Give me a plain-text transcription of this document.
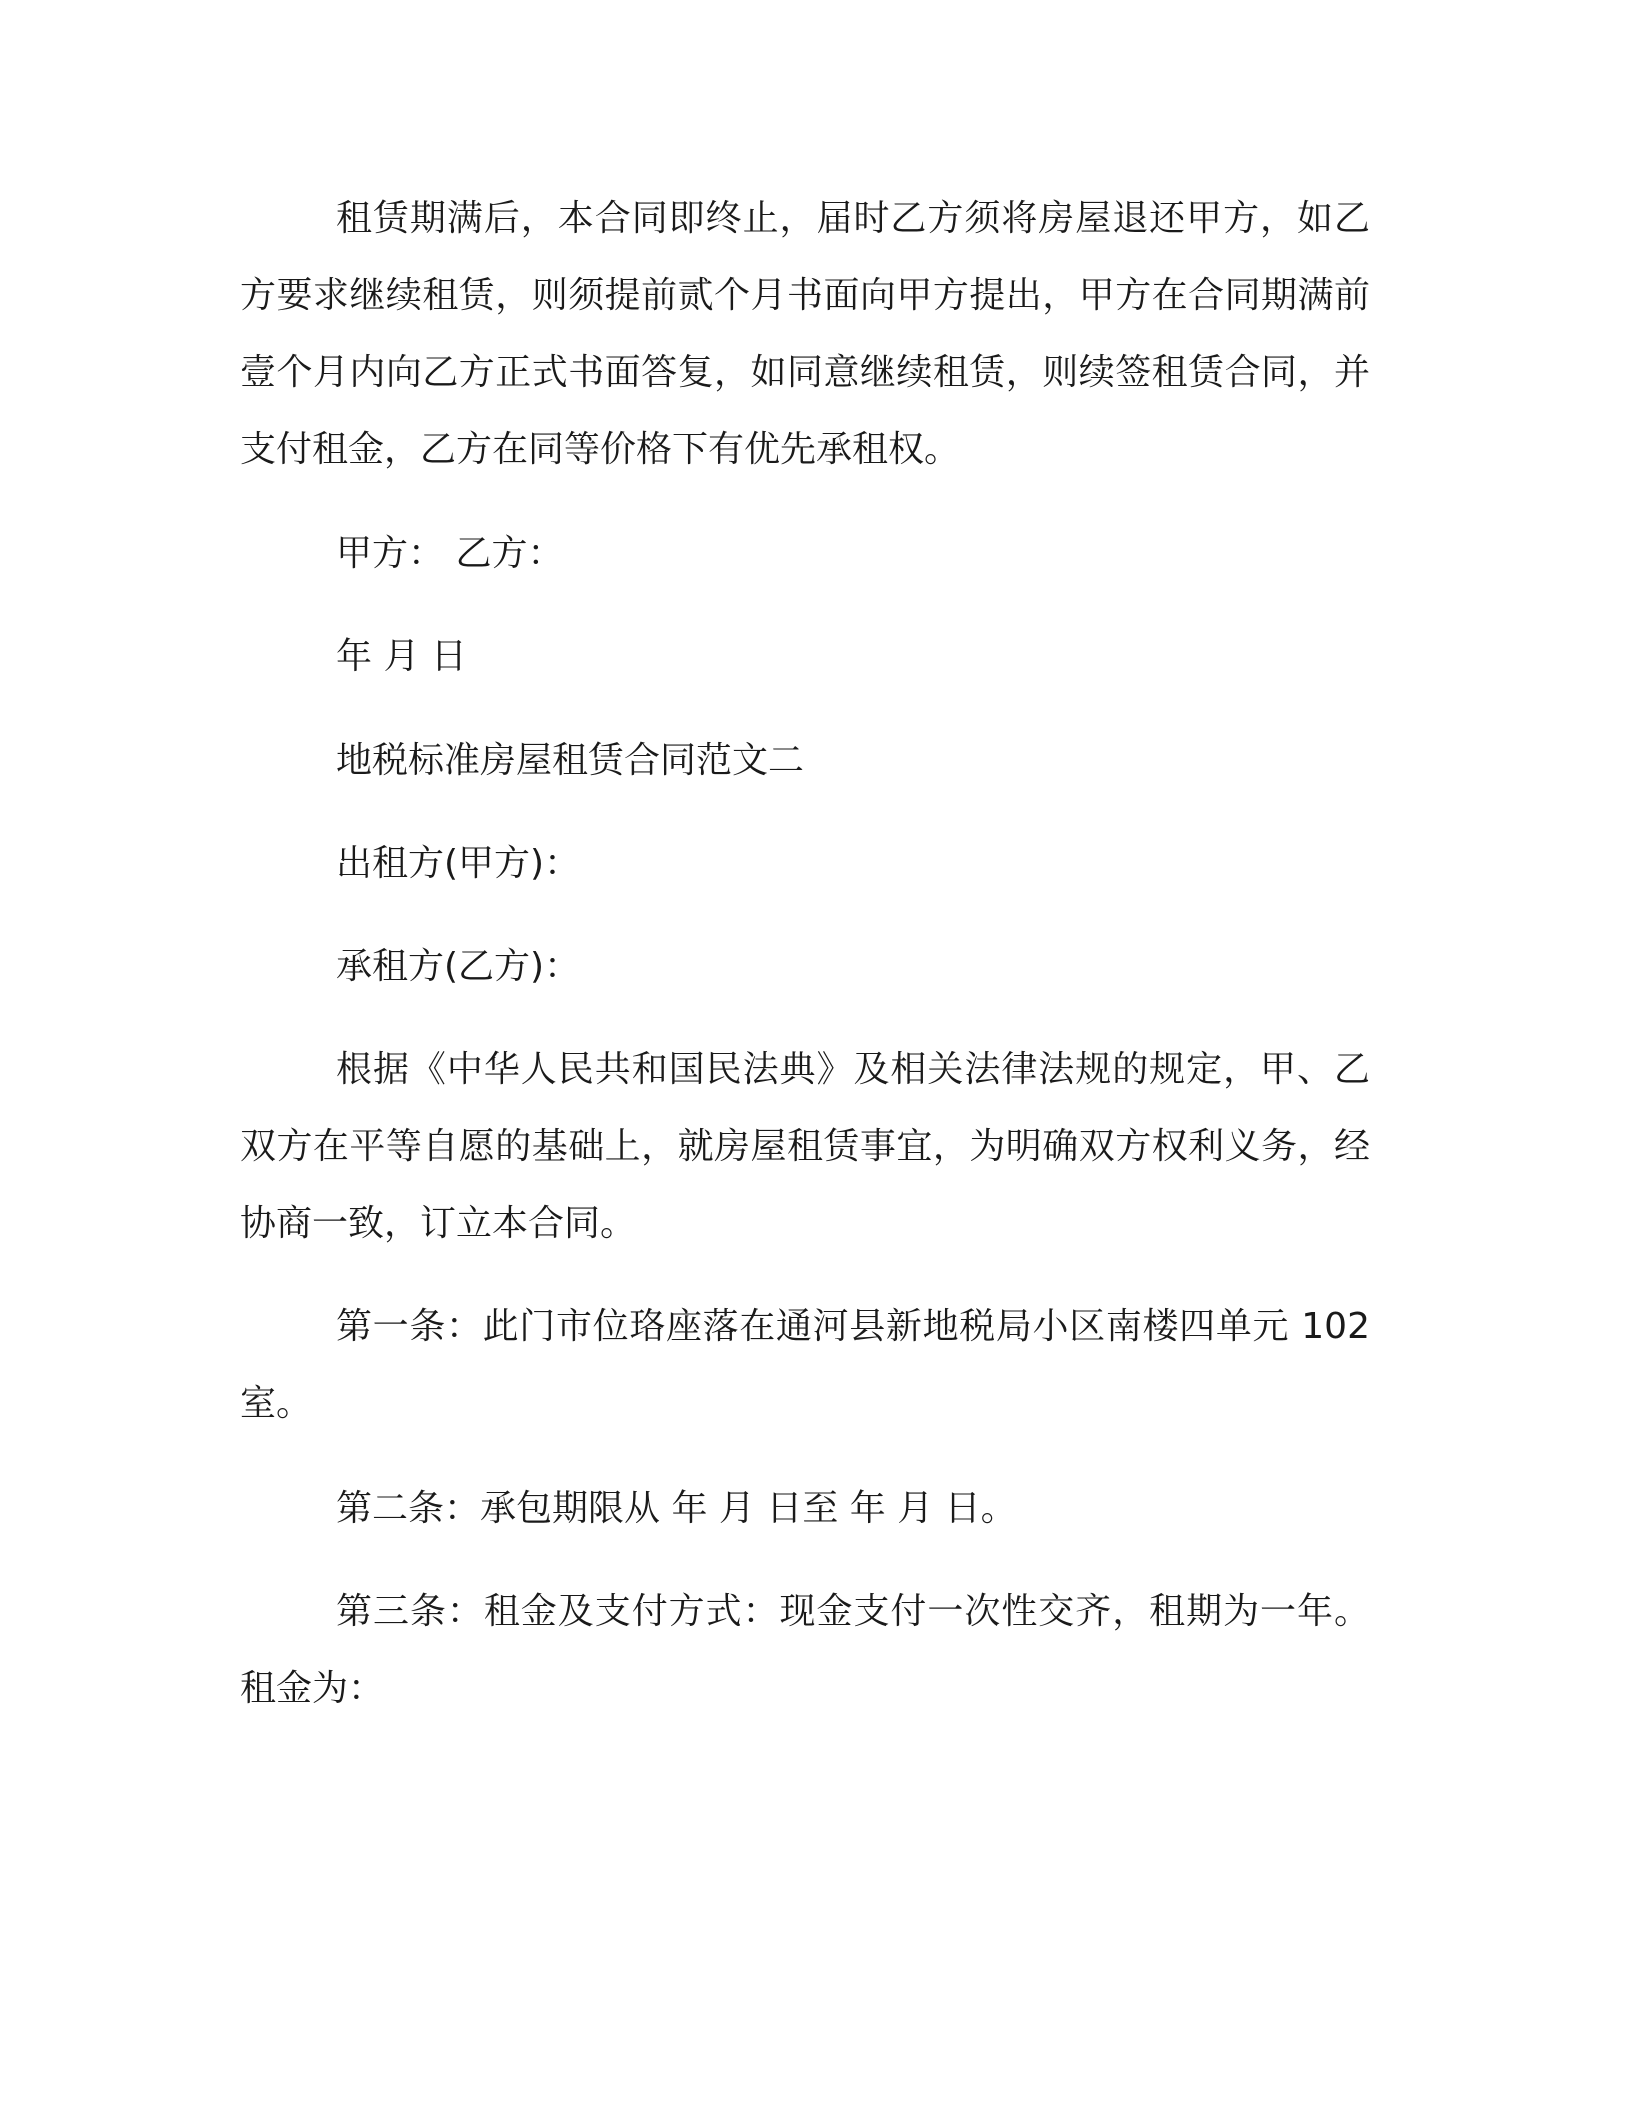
租赁期满后，本合同即终止，届时乙方须将房屋退还甲方，如乙方要求继续租赁，则须提前贰个月书面向甲方提出，甲方在合同期满前壹个月内向乙方正式书面答复，如同意继续租赁，则续签租赁合同，并支付租金，乙方在同等价格下有优先承租权。

甲方： 乙方：

年 月 日

地税标准房屋租赁合同范文二

出租方(甲方)：

承租方(乙方)：

根据《中华人民共和国民法典》及相关法律法规的规定，甲、乙双方在平等自愿的基础上，就房屋租赁事宜，为明确双方权利义务，经协商一致，订立本合同。

第一条：此门市位珞座落在通河县新地税局小区南楼四单元 102 室。

第二条：承包期限从 年 月 日至 年 月 日。

第三条：租金及支付方式：现金支付一次性交齐，租期为一年。租金为：
